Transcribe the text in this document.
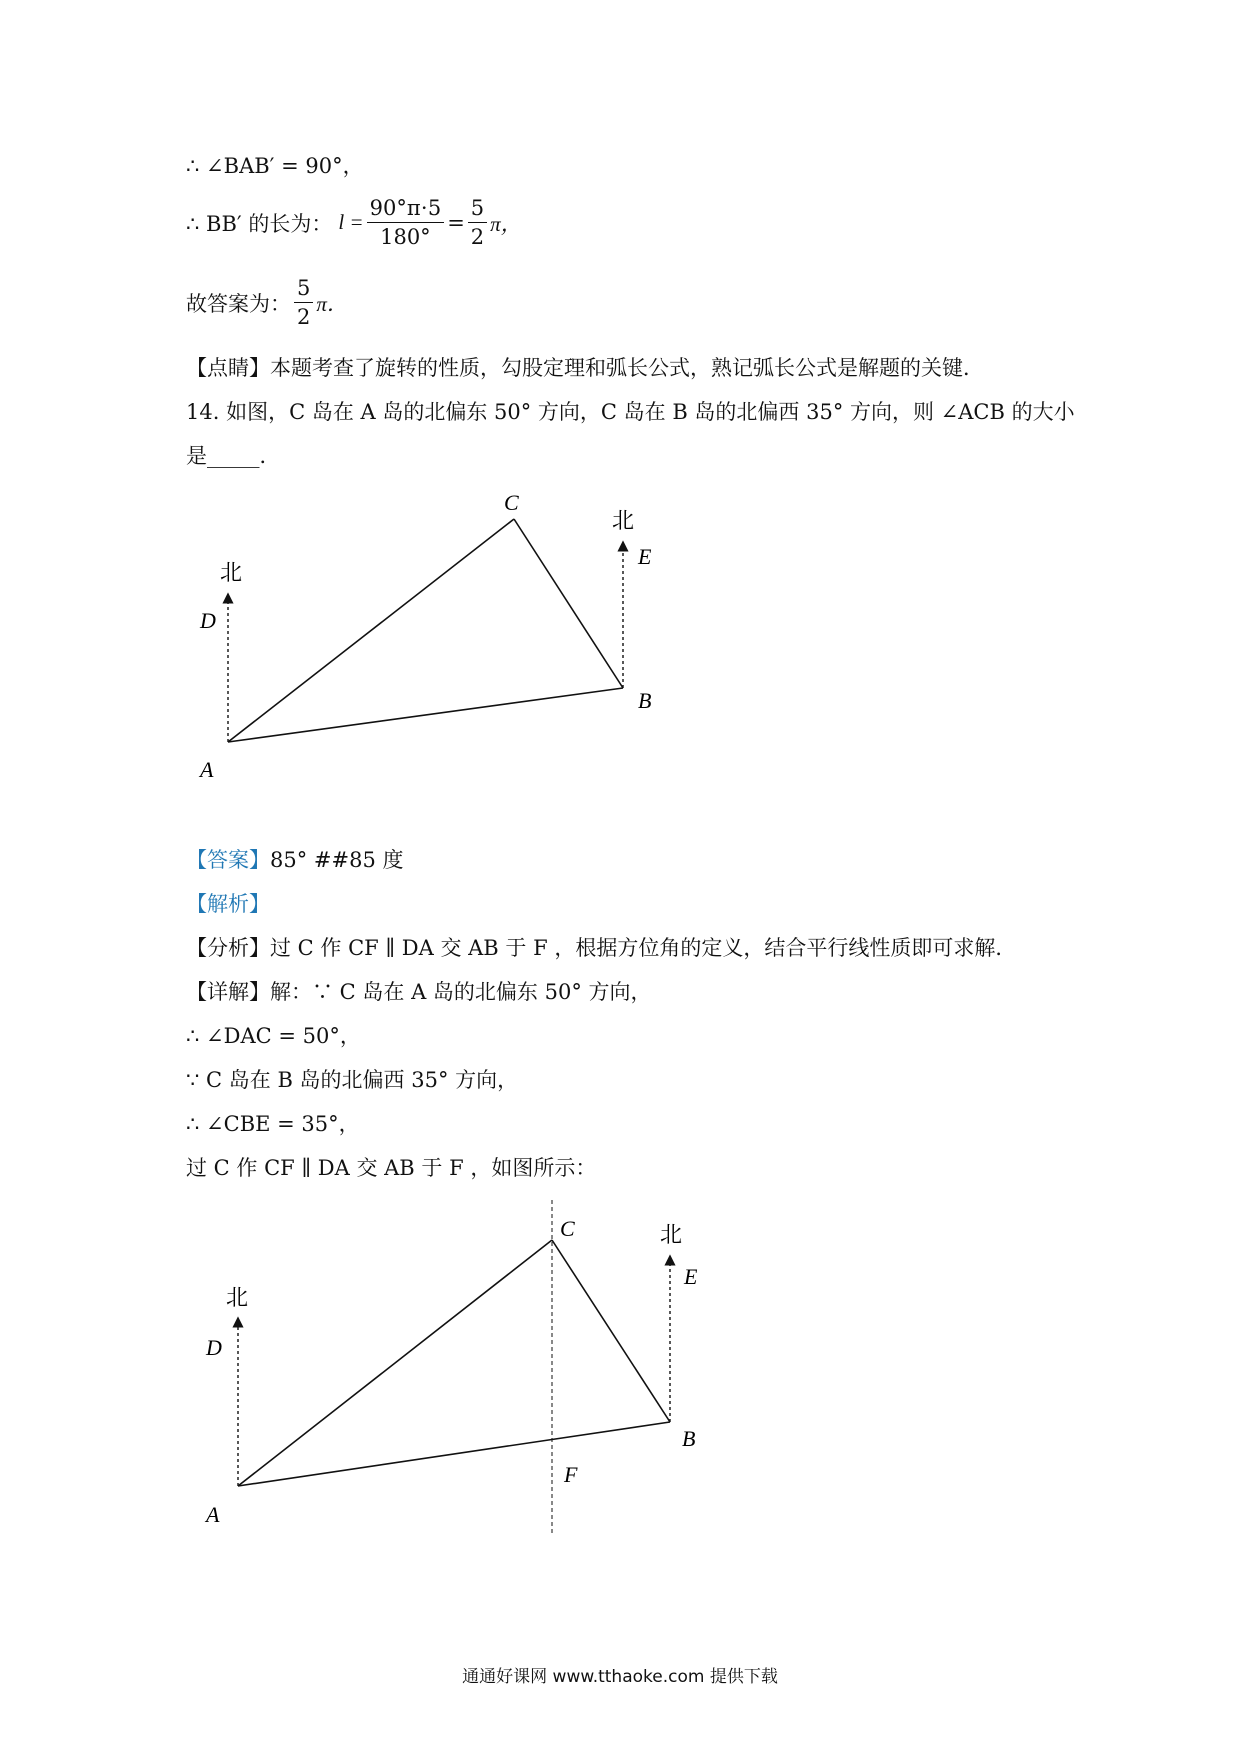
∴ ∠BAB′ = 90°，
∴ BB′ 的长为： $l = \frac{90^\circ\pi\cdot 5}{180^\circ} = \frac{5}{2}$ π，
故答案为： $\frac{5}{2}$ π．
【点睛】本题考查了旋转的性质，勾股定理和弧长公式，熟记弧长公式是解题的关键．
14. 如图，C 岛在 A 岛的北偏东 50° 方向，C 岛在 B 岛的北偏西 35° 方向，则 ∠ACB 的大小
是_____．
北
北
D
E
C
B
A
【答案】85° ##85 度
【解析】
【分析】过 C 作 CF ∥ DA 交 AB 于 F ，根据方位角的定义，结合平行线性质即可求解．
【详解】解：∵ C 岛在 A 岛的北偏东 50° 方向，
∴ ∠DAC = 50°，
∵ C 岛在 B 岛的北偏西 35° 方向，
∴ ∠CBE = 35°，
过 C 作 CF ∥ DA 交 AB 于 F ，如图所示：
北
北
D
E
C
B
F
A
通通好课网 www.tthaoke.com 提供下载
